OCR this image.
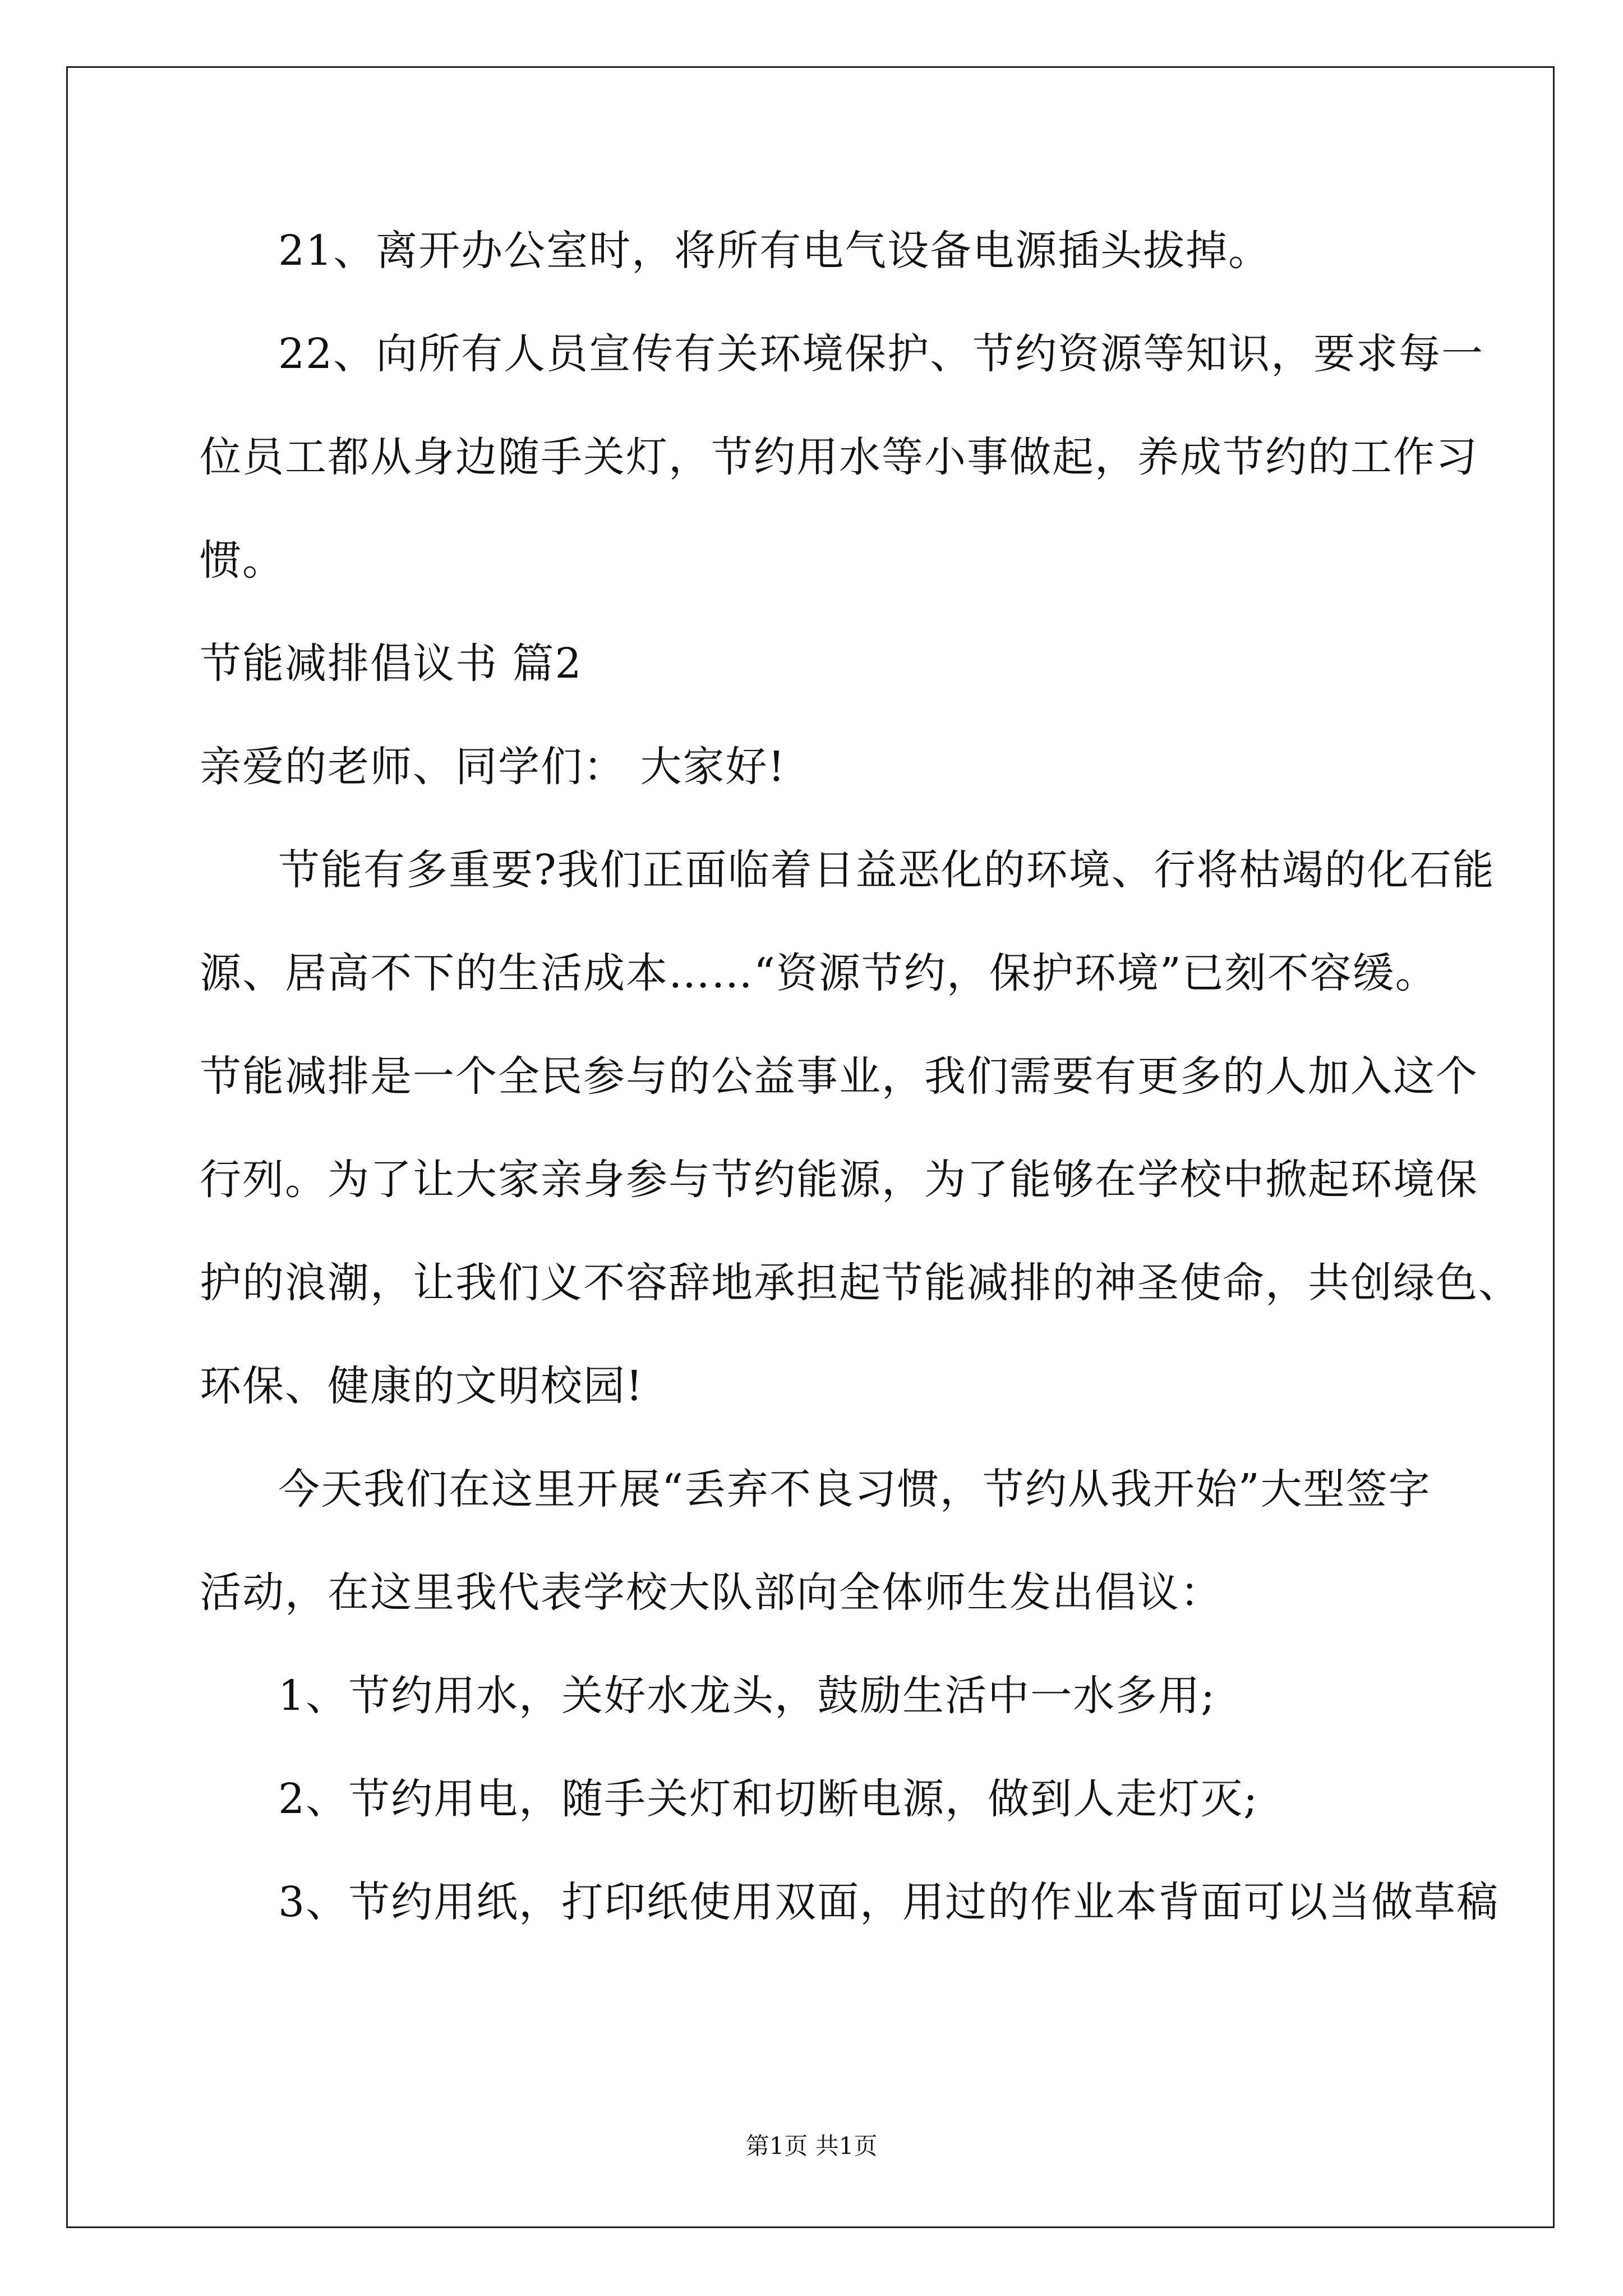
21、离开办公室时，将所有电气设备电源插头拔掉。
22、向所有人员宣传有关环境保护、节约资源等知识，要求每一
位员工都从身边随手关灯，节约用水等小事做起，养成节约的工作习
惯。
节能减排倡议书 篇2
亲爱的老师、同学们： 大家好!
节能有多重要?我们正面临着日益恶化的环境、行将枯竭的化石能
源、居高不下的生活成本……“资源节约，保护环境”已刻不容缓。
节能减排是一个全民参与的公益事业，我们需要有更多的人加入这个
行列。为了让大家亲身参与节约能源，为了能够在学校中掀起环境保
护的浪潮，让我们义不容辞地承担起节能减排的神圣使命，共创绿色、
环保、健康的文明校园!
今天我们在这里开展“丢弃不良习惯，节约从我开始”大型签字
活动，在这里我代表学校大队部向全体师生发出倡议：
1、节约用水，关好水龙头，鼓励生活中一水多用;
2、节约用电，随手关灯和切断电源，做到人走灯灭;
3、节约用纸，打印纸使用双面，用过的作业本背面可以当做草稿
第1页 共1页
